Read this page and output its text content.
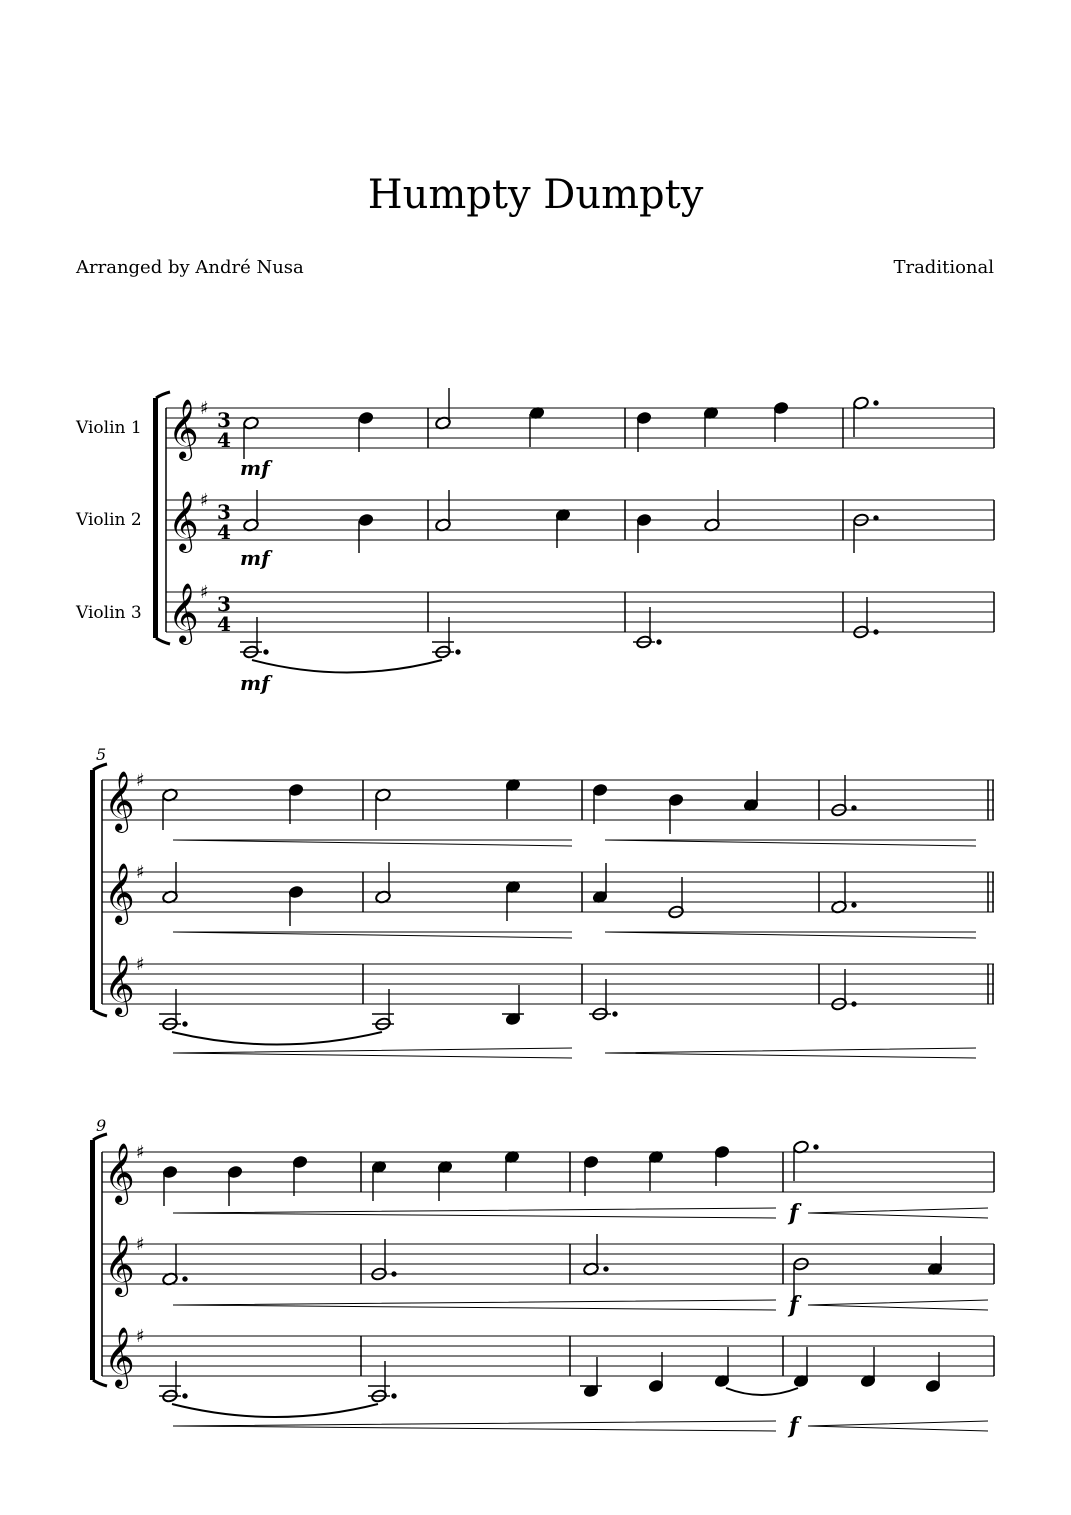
Humpty Dumpty
Arranged by André Nusa	Traditional
Violin 1
Violin 2
Violin 3
𝄞
𝄞
𝄞
♯
♯
♯
3
4
3
4
3
4
mf
mf
mf
5
𝄞
𝄞
𝄞
♯
♯
♯
9
𝄞
𝄞
𝄞
♯
♯
♯
f
f
f
